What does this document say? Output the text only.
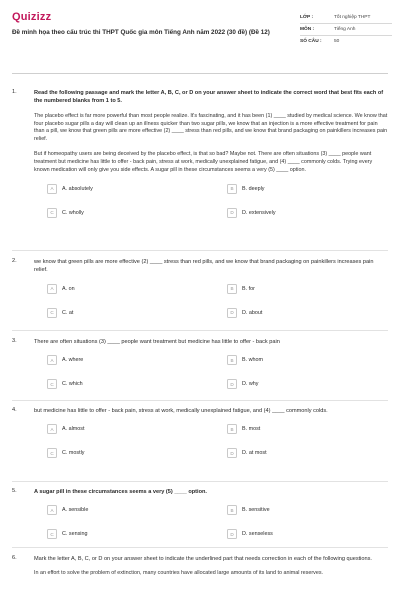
Quizizz
Đề minh họa theo cấu trúc thi THPT Quốc gia môn Tiếng Anh năm 2022 (30 đề) (Đề 12)
LỚP :	Tốt nghiệp THPT
MÔN :	Tiếng Anh
SỐ CÂU :	50
1.	Read the following passage and mark the letter A, B, C, or D on your answer sheet to indicate the correct word that best fits each of the numbered blanks from 1 to 5.
The placebo effect is far more powerful than most people realize. It's fascinating, and it has been (1) ____ studied by medical science. We know that four placebo sugar pills a day will clean up an illness quicker than two sugar pills, we know that an injection is a more effective treatment for pain than a pill, we know that green pills are more effective (2) ____ stress than red pills, and we know that brand packaging on painkillers increases pain relief.
But if homeopathy users are being deceived by the placebo effect, is that so bad? Maybe not. There are often situations (3) ____ people want treatment but medicine has little to offer - back pain, stress at work, medically unexplained fatigue, and (4) ____ commonly colds. Trying every known medication will only give you side effects. A sugar pill in these circumstances seems a very (5) ____ option.
A	A. absolutely	B	B. deeply
C	C. wholly	D	D. extensively
2.	we know that green pills are more effective (2) ____ stress than red pills, and we know that brand packaging on painkillers increases pain relief.
A	A. on	B	B. for
C	C. at	D	D. about
3.	There are often situations (3) ____ people want treatment but medicine has little to offer - back pain
A	A. where	B	B. whom
C	C. which	D	D. why
4.	but medicine has little to offer - back pain, stress at work, medically unexplained fatigue, and (4) ____ commonly colds.
A	A. almost	B	B. most
C	C. mostly	D	D. at most
5.	A sugar pill in these circumstances seems a very (5) ____ option.
A	A. sensible	B	B. sensitive
C	C. sensing	D	D. senseless
6.	Mark the letter A, B, C, or D on your answer sheet to indicate the underlined part that needs correction in each of the following questions.
In an effort to solve the problem of extinction, many countries have allocated large amounts of its land to animal reserves.
